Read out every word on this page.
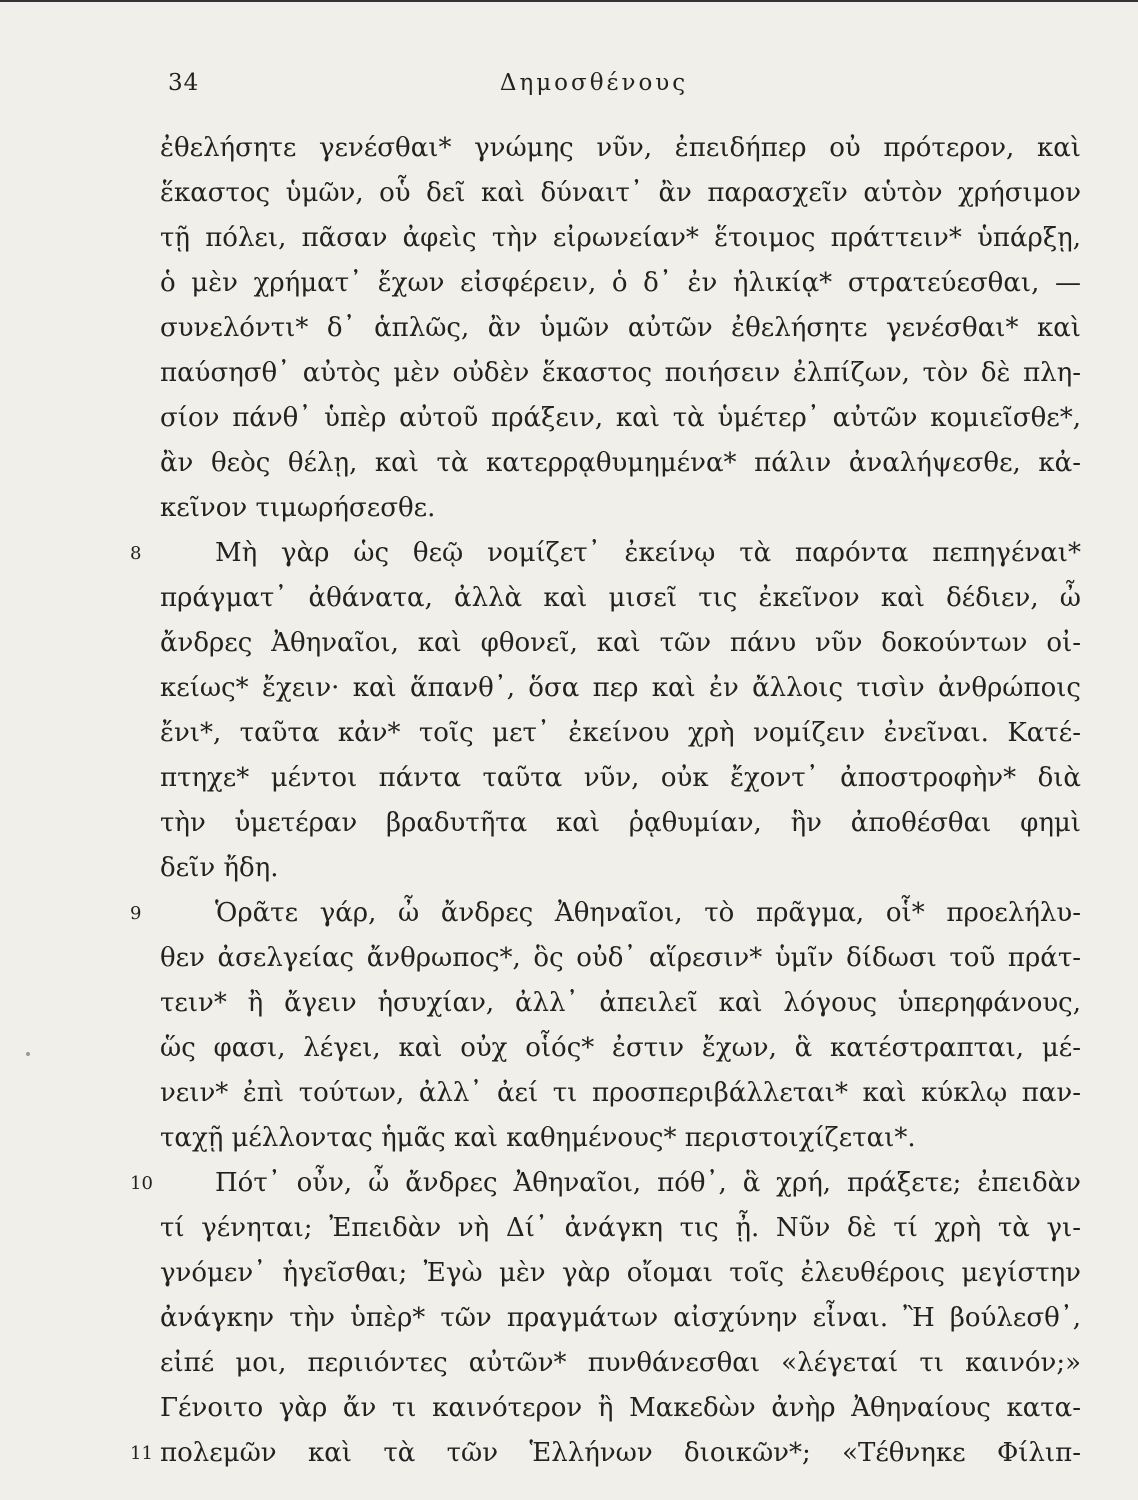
34	Δημοσθένους
ἐθελήσητε γενέσθαι* γνώμης νῦν, ἐπειδήπερ οὐ πρότερον, καὶ
ἕκαστος ὑμῶν, οὗ δεῖ καὶ δύναιτ᾽ ἂν παρασχεῖν αὑτὸν χρήσιμον
τῇ πόλει, πᾶσαν ἀφεὶς τὴν εἰρωνείαν* ἕτοιμος πράττειν* ὑπάρξῃ,
ὁ μὲν χρήματ᾽ ἔχων εἰσφέρειν, ὁ δ᾽ ἐν ἡλικίᾳ* στρατεύεσθαι, —
συνελόντι* δ᾽ ἁπλῶς, ἂν ὑμῶν αὐτῶν ἐθελήσητε γενέσθαι* καὶ
παύσησθ᾽ αὐτὸς μὲν οὐδὲν ἕκαστος ποιήσειν ἐλπίζων, τὸν δὲ πλη-
σίον πάνθ᾽ ὑπὲρ αὐτοῦ πράξειν, καὶ τὰ ὑμέτερ᾽ αὐτῶν κομιεῖσθε*,
ἂν θεὸς θέλῃ, καὶ τὰ κατερρᾳθυμημένα* πάλιν ἀναλήψεσθε, κἀ-
κεῖνον τιμωρήσεσθε.
8	Μὴ γὰρ ὡς θεῷ νομίζετ᾽ ἐκείνῳ τὰ παρόντα πεπηγέναι*
πράγματ᾽ ἀθάνατα, ἀλλὰ καὶ μισεῖ τις ἐκεῖνον καὶ δέδιεν, ὦ
ἄνδρες Ἀθηναῖοι, καὶ φθονεῖ, καὶ τῶν πάνυ νῦν δοκούντων οἰ-
κείως* ἔχειν· καὶ ἅπανθ᾽, ὅσα περ καὶ ἐν ἄλλοις τισὶν ἀνθρώποις
ἔνι*, ταῦτα κἀν* τοῖς μετ᾽ ἐκείνου χρὴ νομίζειν ἐνεῖναι. Κατέ-
πτηχε* μέντοι πάντα ταῦτα νῦν, οὐκ ἔχοντ᾽ ἀποστροφὴν* διὰ
τὴν ὑμετέραν βραδυτῆτα καὶ ῥᾳθυμίαν, ἣν ἀποθέσθαι φημὶ
δεῖν ἤδη.
9	Ὁρᾶτε γάρ, ὦ ἄνδρες Ἀθηναῖοι, τὸ πρᾶγμα, οἷ* προελήλυ-
θεν ἀσελγείας ἄνθρωπος*, ὃς οὐδ᾽ αἵρεσιν* ὑμῖν δίδωσι τοῦ πράτ-
τειν* ἢ ἄγειν ἡσυχίαν, ἀλλ᾽ ἀπειλεῖ καὶ λόγους ὑπερηφάνους,
ὥς φασι, λέγει, καὶ οὐχ οἷός* ἐστιν ἔχων, ἃ κατέστραπται, μέ-
νειν* ἐπὶ τούτων, ἀλλ᾽ ἀεί τι προσπεριβάλλεται* καὶ κύκλῳ παν-
ταχῇ μέλλοντας ἡμᾶς καὶ καθημένους* περιστοιχίζεται*.
10 Πότ᾽ οὖν, ὦ ἄνδρες Ἀθηναῖοι, πόθ᾽, ἃ χρή, πράξετε; ἐπειδὰν
τί γένηται; Ἐπειδὰν νὴ Δί᾽ ἀνάγκη τις ᾖ. Νῦν δὲ τί χρὴ τὰ γι-
γνόμεν᾽ ἡγεῖσθαι; Ἐγὼ μὲν γὰρ οἴομαι τοῖς ἐλευθέροις μεγίστην
ἀνάγκην τὴν ὑπὲρ* τῶν πραγμάτων αἰσχύνην εἶναι. Ἢ βούλεσθ᾽,
εἰπέ μοι, περιιόντες αὐτῶν* πυνθάνεσθαι «λέγεταί τι καινόν;»
Γένοιτο γὰρ ἄν τι καινότερον ἢ Μακεδὼν ἀνὴρ Ἀθηναίους κατα-
11 πολεμῶν καὶ τὰ τῶν Ἑλλήνων διοικῶν*; «Τέθνηκε Φίλιπ-
